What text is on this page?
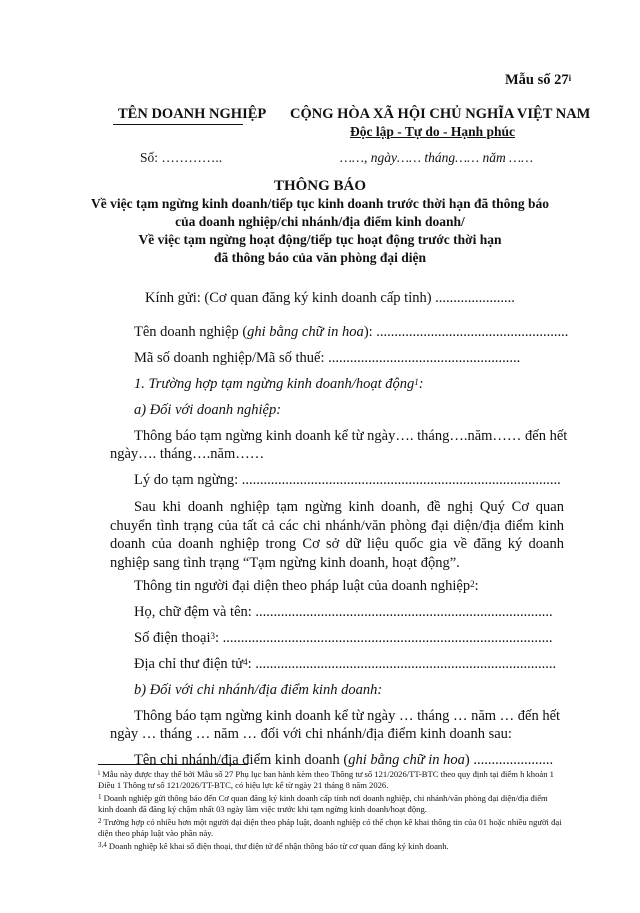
Mẫu số 27$^i$
TÊN DOANH NGHIỆP CỘNG HÒA XÃ HỘI CHỦ NGHĨA VIỆT NAM
Độc lập - Tự do - Hạnh phúc
Số: …………..	……, ngày…… tháng…… năm ……
THÔNG BÁO
Về việc tạm ngừng kinh doanh/tiếp tục kinh doanh trước thời hạn đã thông báo
của doanh nghiệp/chi nhánh/địa điểm kinh doanh/
Về việc tạm ngừng hoạt động/tiếp tục hoạt động trước thời hạn
đã thông báo của văn phòng đại diện
Kính gửi: (Cơ quan đăng ký kinh doanh cấp tỉnh) ......................
Tên doanh nghiệp (ghi bằng chữ in hoa): .....................................................
Mã số doanh nghiệp/Mã số thuế: .....................................................
1. Trường hợp tạm ngừng kinh doanh/hoạt động$^1$:
a) Đối với doanh nghiệp:
Thông báo tạm ngừng kinh doanh kể từ ngày…. tháng….năm…… đến hết
ngày…. tháng….năm……
Lý do tạm ngừng: ........................................................................................
Sau khi doanh nghiệp tạm ngừng kinh doanh, đề nghị Quý Cơ quan chuyển tình trạng của tất cả các chi nhánh/văn phòng đại diện/địa điểm kinh doanh của doanh nghiệp trong Cơ sở dữ liệu quốc gia về đăng ký doanh nghiệp sang tình trạng “Tạm ngừng kinh doanh, hoạt động”.
Thông tin người đại diện theo pháp luật của doanh nghiệp$^2$:
Họ, chữ đệm và tên: ..................................................................................
Số điện thoại$^3$: ...........................................................................................
Địa chỉ thư điện tử$^4$: ...................................................................................
b) Đối với chi nhánh/địa điểm kinh doanh:
Thông báo tạm ngừng kinh doanh kể từ ngày … tháng … năm … đến hết
ngày … tháng … năm … đối với chi nhánh/địa điểm kinh doanh sau:
Tên chi nhánh/địa điểm kinh doanh (ghi bằng chữ in hoa) ......................
$^i$ Mẫu này được thay thế bởi Mẫu số 27 Phụ lục ban hành kèm theo Thông tư số 121/2026/TT-BTC theo quy định tại điểm h khoản 1 Điều 1 Thông tư số 121/2026/TT-BTC, có hiệu lực kể từ ngày 21 tháng 8 năm 2026.
$^1$ Doanh nghiệp gửi thông báo đến Cơ quan đăng ký kinh doanh cấp tỉnh nơi doanh nghiệp, chi nhánh/văn phòng đại diện/địa điểm kinh doanh đã đăng ký chậm nhất 03 ngày làm việc trước khi tạm ngừng kinh doanh/hoạt động.
$^2$ Trường hợp có nhiều hơn một người đại diện theo pháp luật, doanh nghiệp có thể chọn kê khai thông tin của 01 hoặc nhiều người đại diện theo pháp luật vào phần này.
$^{3,4}$ Doanh nghiệp kê khai số điện thoại, thư điện tử để nhận thông báo từ cơ quan đăng ký kinh doanh.
